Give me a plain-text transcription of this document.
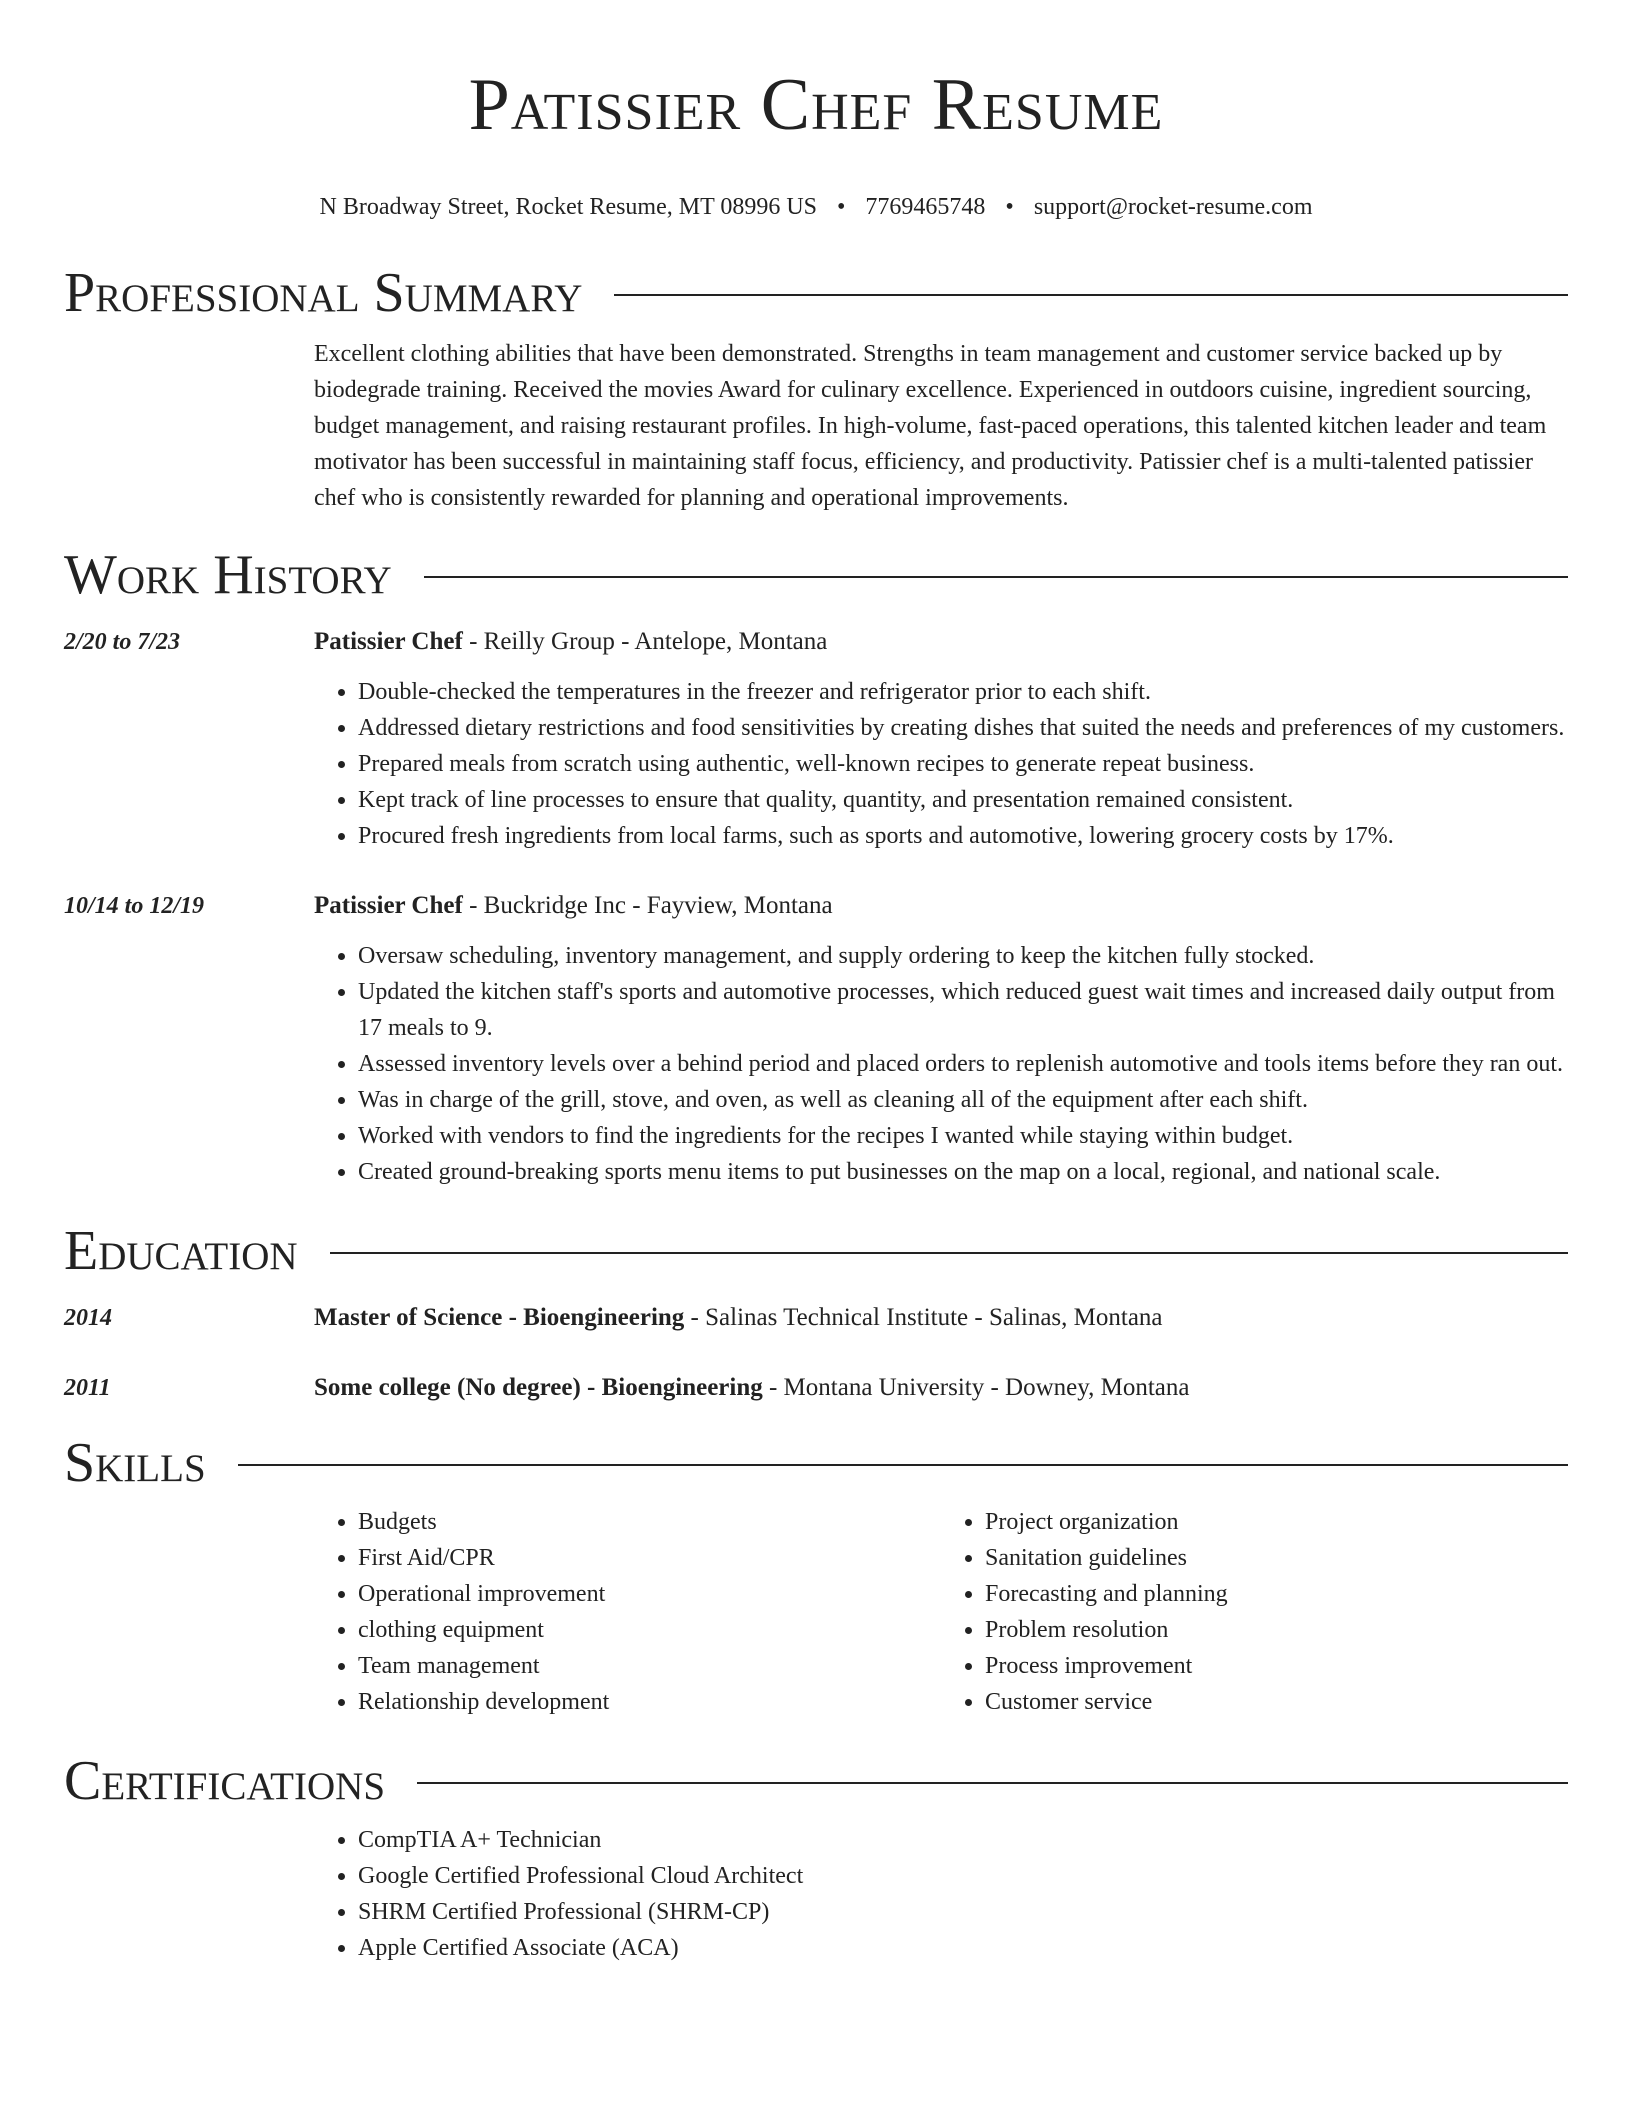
Patissier Chef Resume
N Broadway Street, Rocket Resume, MT 08996 US • 7769465748 • support@rocket-resume.com
Professional Summary
Excellent clothing abilities that have been demonstrated. Strengths in team management and customer service backed up by biodegrade training. Received the movies Award for culinary excellence. Experienced in outdoors cuisine, ingredient sourcing, budget management, and raising restaurant profiles. In high-volume, fast-paced operations, this talented kitchen leader and team motivator has been successful in maintaining staff focus, efficiency, and productivity. Patissier chef is a multi-talented patissier chef who is consistently rewarded for planning and operational improvements.
Work History
2/20 to 7/23	Patissier Chef - Reilly Group - Antelope, Montana
• Double-checked the temperatures in the freezer and refrigerator prior to each shift.
• Addressed dietary restrictions and food sensitivities by creating dishes that suited the needs and preferences of my customers.
• Prepared meals from scratch using authentic, well-known recipes to generate repeat business.
• Kept track of line processes to ensure that quality, quantity, and presentation remained consistent.
• Procured fresh ingredients from local farms, such as sports and automotive, lowering grocery costs by 17%.
10/14 to 12/19	Patissier Chef - Buckridge Inc - Fayview, Montana
• Oversaw scheduling, inventory management, and supply ordering to keep the kitchen fully stocked.
• Updated the kitchen staff's sports and automotive processes, which reduced guest wait times and increased daily output from 17 meals to 9.
• Assessed inventory levels over a behind period and placed orders to replenish automotive and tools items before they ran out.
• Was in charge of the grill, stove, and oven, as well as cleaning all of the equipment after each shift.
• Worked with vendors to find the ingredients for the recipes I wanted while staying within budget.
• Created ground-breaking sports menu items to put businesses on the map on a local, regional, and national scale.
Education
2014	Master of Science - Bioengineering - Salinas Technical Institute - Salinas, Montana
2011	Some college (No degree) - Bioengineering - Montana University - Downey, Montana
Skills
• Budgets
• First Aid/CPR
• Operational improvement
• clothing equipment
• Team management
• Relationship development
• Project organization
• Sanitation guidelines
• Forecasting and planning
• Problem resolution
• Process improvement
• Customer service
Certifications
• CompTIA A+ Technician
• Google Certified Professional Cloud Architect
• SHRM Certified Professional (SHRM-CP)
• Apple Certified Associate (ACA)
